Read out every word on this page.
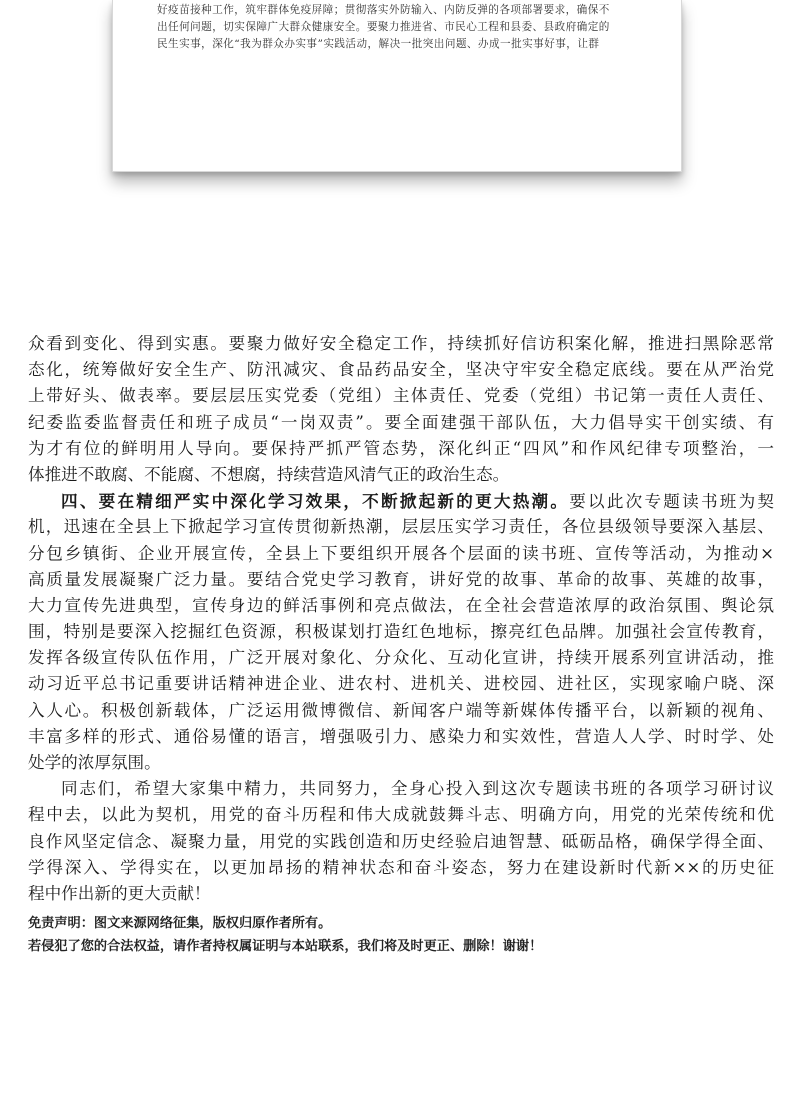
好疫苗接种工作，筑牢群体免疫屏障；贯彻落实外防输入、内防反弹的各项部署要求，确保不
出任何问题，切实保障广大群众健康安全。要聚力推进省、市民心工程和县委、县政府确定的
民生实事，深化“我为群众办实事”实践活动，解决一批突出问题、办成一批实事好事，让群
众看到变化、得到实惠。要聚力做好安全稳定工作，持续抓好信访积案化解，推进扫黑除恶常
态化，统筹做好安全生产、防汛减灾、食品药品安全，坚决守牢安全稳定底线。要在从严治党
上带好头、做表率。要层层压实党委（党组）主体责任、党委（党组）书记第一责任人责任、
纪委监委监督责任和班子成员“一岗双责”。要全面建强干部队伍，大力倡导实干创实绩、有
为才有位的鲜明用人导向。要保持严抓严管态势，深化纠正“四风”和作风纪律专项整治，一
体推进不敢腐、不能腐、不想腐，持续营造风清气正的政治生态。
四、要在精细严实中深化学习效果，不断掀起新的更大热潮。要以此次专题读书班为契
机，迅速在全县上下掀起学习宣传贯彻新热潮，层层压实学习责任，各位县级领导要深入基层、
分包乡镇街、企业开展宣传，全县上下要组织开展各个层面的读书班、宣传等活动，为推动×
高质量发展凝聚广泛力量。要结合党史学习教育，讲好党的故事、革命的故事、英雄的故事，
大力宣传先进典型，宣传身边的鲜活事例和亮点做法，在全社会营造浓厚的政治氛围、舆论氛
围，特别是要深入挖掘红色资源，积极谋划打造红色地标，擦亮红色品牌。加强社会宣传教育，
发挥各级宣传队伍作用，广泛开展对象化、分众化、互动化宣讲，持续开展系列宣讲活动，推
动习近平总书记重要讲话精神进企业、进农村、进机关、进校园、进社区，实现家喻户晓、深
入人心。积极创新载体，广泛运用微博微信、新闻客户端等新媒体传播平台，以新颖的视角、
丰富多样的形式、通俗易懂的语言，增强吸引力、感染力和实效性，营造人人学、时时学、处
处学的浓厚氛围。
同志们，希望大家集中精力，共同努力，全身心投入到这次专题读书班的各项学习研讨议
程中去，以此为契机，用党的奋斗历程和伟大成就鼓舞斗志、明确方向，用党的光荣传统和优
良作风坚定信念、凝聚力量，用党的实践创造和历史经验启迪智慧、砥砺品格，确保学得全面、
学得深入、学得实在，以更加昂扬的精神状态和奋斗姿态，努力在建设新时代新××的历史征
程中作出新的更大贡献！
免责声明：图文来源网络征集，版权归原作者所有。
若侵犯了您的合法权益，请作者持权属证明与本站联系，我们将及时更正、删除！谢谢！
